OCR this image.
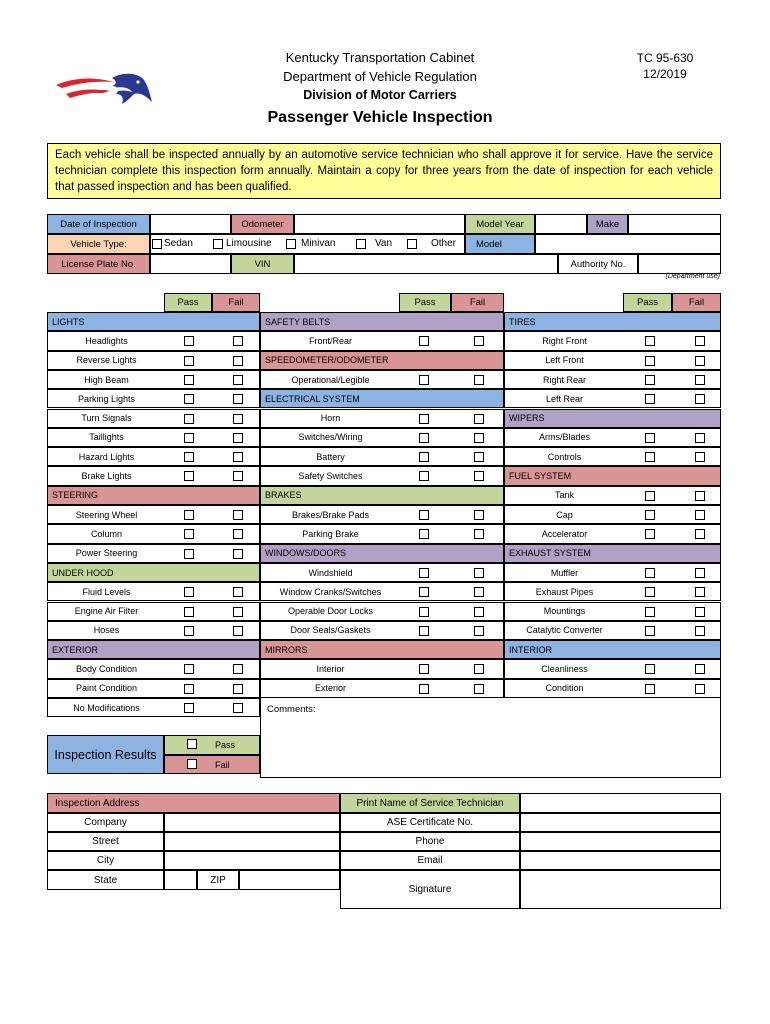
Kentucky Transportation Cabinet
Department of Vehicle Regulation
Division of Motor Carriers
Passenger Vehicle Inspection
TC 95-630
12/2019
Each vehicle shall be inspected annually by an automotive service technician who shall approve it for service. Have the service technician complete this inspection form annually. Maintain a copy for three years from the date of inspection for each vehicle that passed inspection and has been qualified.
Date of Inspection	Odometer	Model Year	Make
Vehicle Type:	Sedan	Limousine	Minivan	Van	Other	Model
License Plate No.	VIN	Authority No.
(Department use)
Pass	Fail	Pass	Fail	Pass	Fail
LIGHTS
Headlights
Reverse Lights
High Beam
Parking Lights
Turn Signals
Taillights
Hazard Lights
Brake Lights
STEERING
Steering Wheel
Column
Power Steering
UNDER HOOD
Fluid Levels
Engine Air Filter
Hoses
EXTERIOR
Body Condition
Paint Condition
No Modifications
SAFETY BELTS
Front/Rear
SPEEDOMETER/ODOMETER
Operational/Legible
ELECTRICAL SYSTEM
Horn
Switches/Wiring
Battery
Safety Switches
BRAKES
Brakes/Brake Pads
Parking Brake
WINDOWS/DOORS
Windshield
Window Cranks/Switches
Operable Door Locks
Door Seals/Gaskets
MIRRORS
Interior
Exterior
TIRES
Right Front
Left Front
Right Rear
Left Rear
WIPERS
Arms/Blades
Controls
FUEL SYSTEM
Tank
Cap
Accelerator
EXHAUST SYSTEM
Muffler
Exhaust Pipes
Mountings
Catalytic Converter
INTERIOR
Cleanliness
Condition
Comments:
Inspection Results
Pass
Fail
Inspection Address
Company
Street
City
State	ZIP
Print Name of Service Technician
ASE Certificate No.
Phone
Email
Signature
